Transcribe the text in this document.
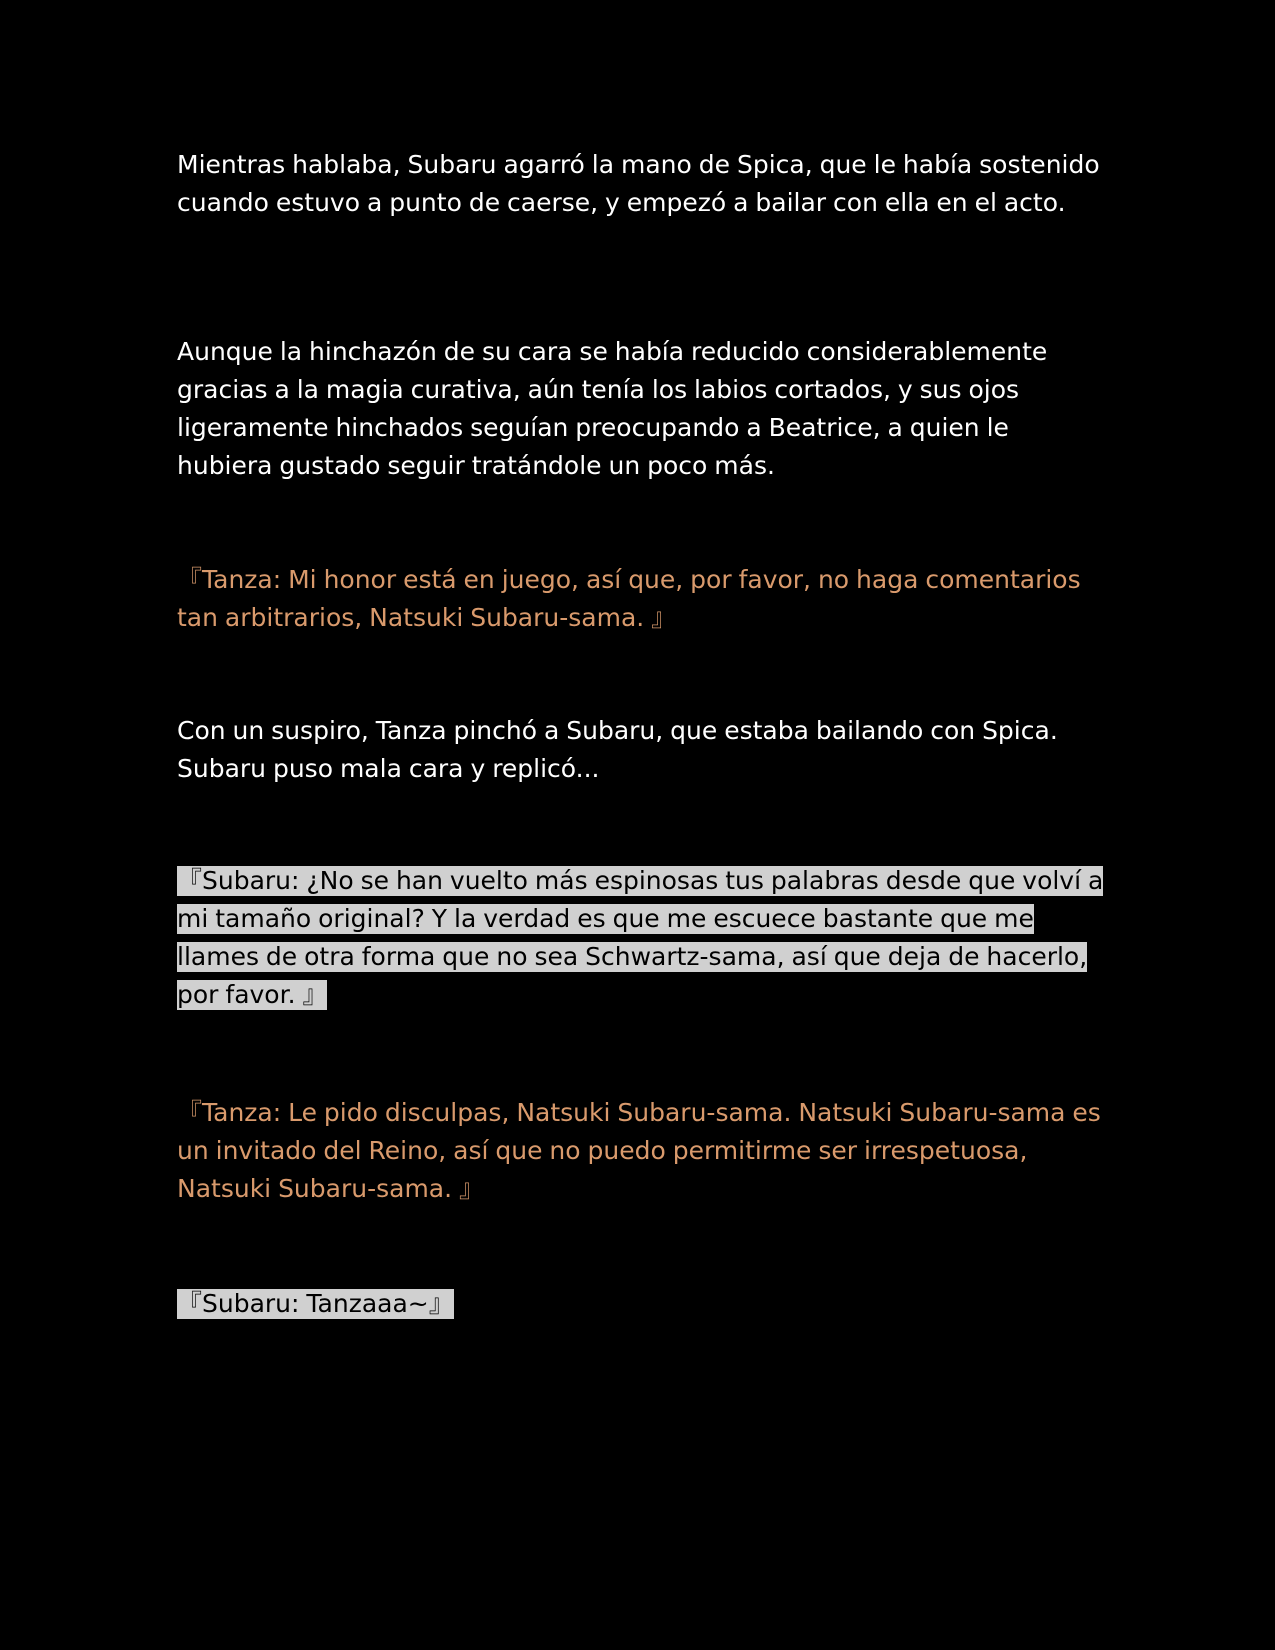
Mientras hablaba, Subaru agarró la mano de Spica, que le había sostenido cuando estuvo a punto de caerse, y empezó a bailar con ella en el acto.

Aunque la hinchazón de su cara se había reducido considerablemente gracias a la magia curativa, aún tenía los labios cortados, y sus ojos ligeramente hinchados seguían preocupando a Beatrice, a quien le hubiera gustado seguir tratándole un poco más.

『Tanza: Mi honor está en juego, así que, por favor, no haga comentarios tan arbitrarios, Natsuki Subaru-sama. 』

Con un suspiro, Tanza pinchó a Subaru, que estaba bailando con Spica. Subaru puso mala cara y replicó...

『Subaru: ¿No se han vuelto más espinosas tus palabras desde que volví a mi tamaño original? Y la verdad es que me escuece bastante que me llames de otra forma que no sea Schwartz-sama, así que deja de hacerlo, por favor. 』

『Tanza: Le pido disculpas, Natsuki Subaru-sama. Natsuki Subaru-sama es un invitado del Reino, así que no puedo permitirme ser irrespetuosa, Natsuki Subaru-sama. 』

『Subaru: Tanzaaa~』
